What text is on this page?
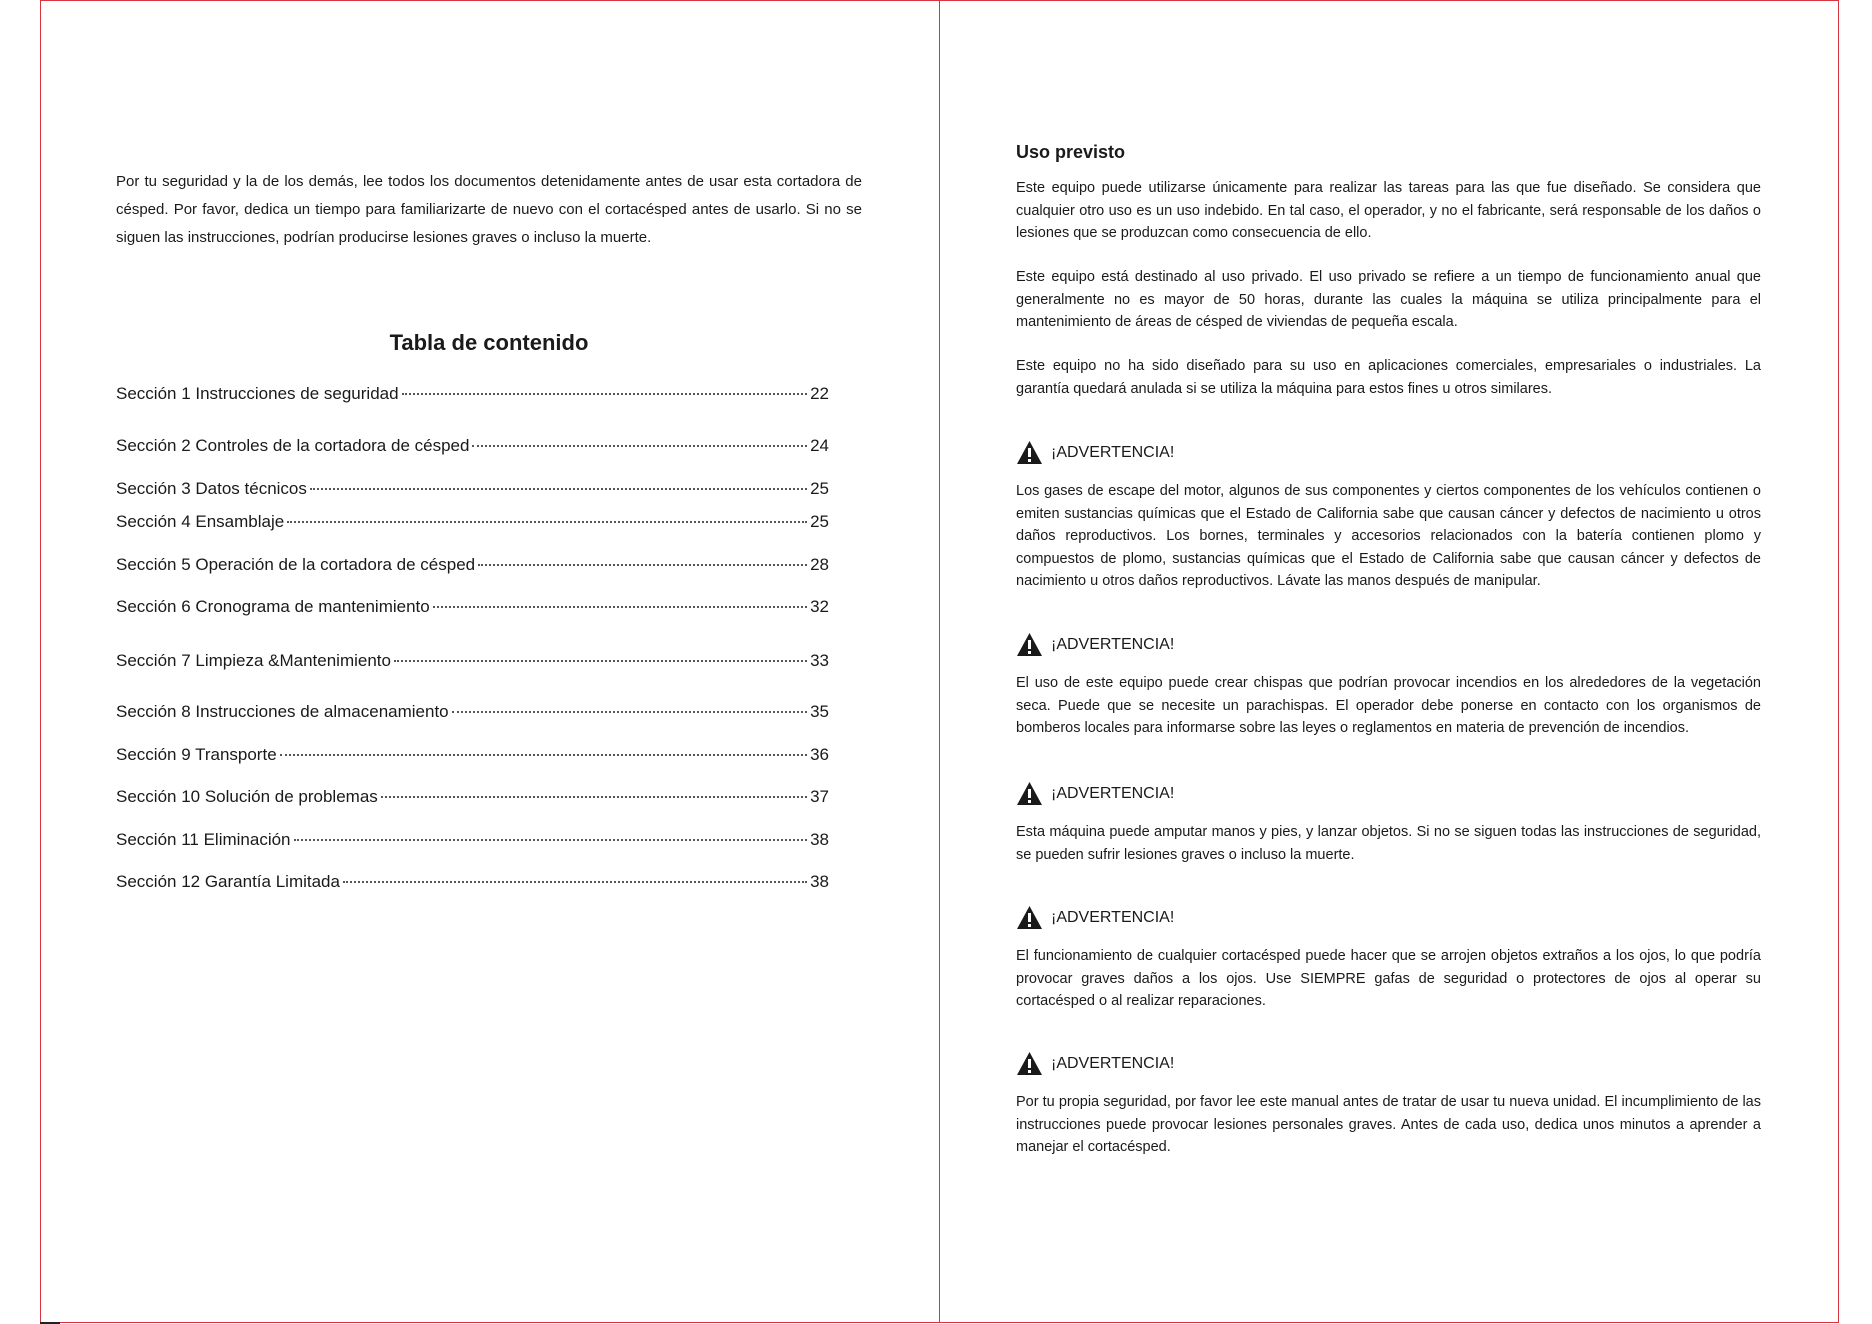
Por tu seguridad y la de los demás, lee todos los documentos detenidamente antes de usar esta cortadora de césped. Por favor, dedica un tiempo para familiarizarte de nuevo con el cortacésped antes de usarlo. Si no se siguen las instrucciones, podrían producirse lesiones graves o incluso la muerte.
Tabla de contenido
Sección 1 Instrucciones de seguridad	22
Sección 2 Controles de la cortadora de césped	24
Sección 3 Datos técnicos	25
Sección 4 Ensamblaje	25
Sección 5 Operación de la cortadora de césped	28
Sección 6 Cronograma de mantenimiento	32
Sección 7 Limpieza &Mantenimiento	33
Sección 8 Instrucciones de almacenamiento	35
Sección 9 Transporte	36
Sección 10 Solución de problemas	37
Sección 11 Eliminación	38
Sección 12 Garantía Limitada	38
Uso previsto
Este equipo puede utilizarse únicamente para realizar las tareas para las que fue diseñado. Se considera que cualquier otro uso es un uso indebido. En tal caso, el operador, y no el fabricante, será responsable de los daños o lesiones que se produzcan como consecuencia de ello.
Este equipo está destinado al uso privado. El uso privado se refiere a un tiempo de funcionamiento anual que generalmente no es mayor de 50 horas, durante las cuales la máquina se utiliza principalmente para el mantenimiento de áreas de césped de viviendas de pequeña escala.
Este equipo no ha sido diseñado para su uso en aplicaciones comerciales, empresariales o industriales. La garantía quedará anulada si se utiliza la máquina para estos fines u otros similares.
¡ADVERTENCIA!
Los gases de escape del motor, algunos de sus componentes y ciertos componentes de los vehículos contienen o emiten sustancias químicas que el Estado de California sabe que causan cáncer y defectos de nacimiento u otros daños reproductivos. Los bornes, terminales y accesorios relacionados con la batería contienen plomo y compuestos de plomo, sustancias químicas que el Estado de California sabe que causan cáncer y defectos de nacimiento u otros daños reproductivos. Lávate las manos después de manipular.
¡ADVERTENCIA!
El uso de este equipo puede crear chispas que podrían provocar incendios en los alrededores de la vegetación seca. Puede que se necesite un parachispas. El operador debe ponerse en contacto con los organismos de bomberos locales para informarse sobre las leyes o reglamentos en materia de prevención de incendios.
¡ADVERTENCIA!
Esta máquina puede amputar manos y pies, y lanzar objetos. Si no se siguen todas las instrucciones de seguridad, se pueden sufrir lesiones graves o incluso la muerte.
¡ADVERTENCIA!
El funcionamiento de cualquier cortacésped puede hacer que se arrojen objetos extraños a los ojos, lo que podría provocar graves daños a los ojos. Use SIEMPRE gafas de seguridad o protectores de ojos al operar su cortacésped o al realizar reparaciones.
¡ADVERTENCIA!
Por tu propia seguridad, por favor lee este manual antes de tratar de usar tu nueva unidad. El incumplimiento de las instrucciones puede provocar lesiones personales graves. Antes de cada uso, dedica unos minutos a aprender a manejar el cortacésped.
